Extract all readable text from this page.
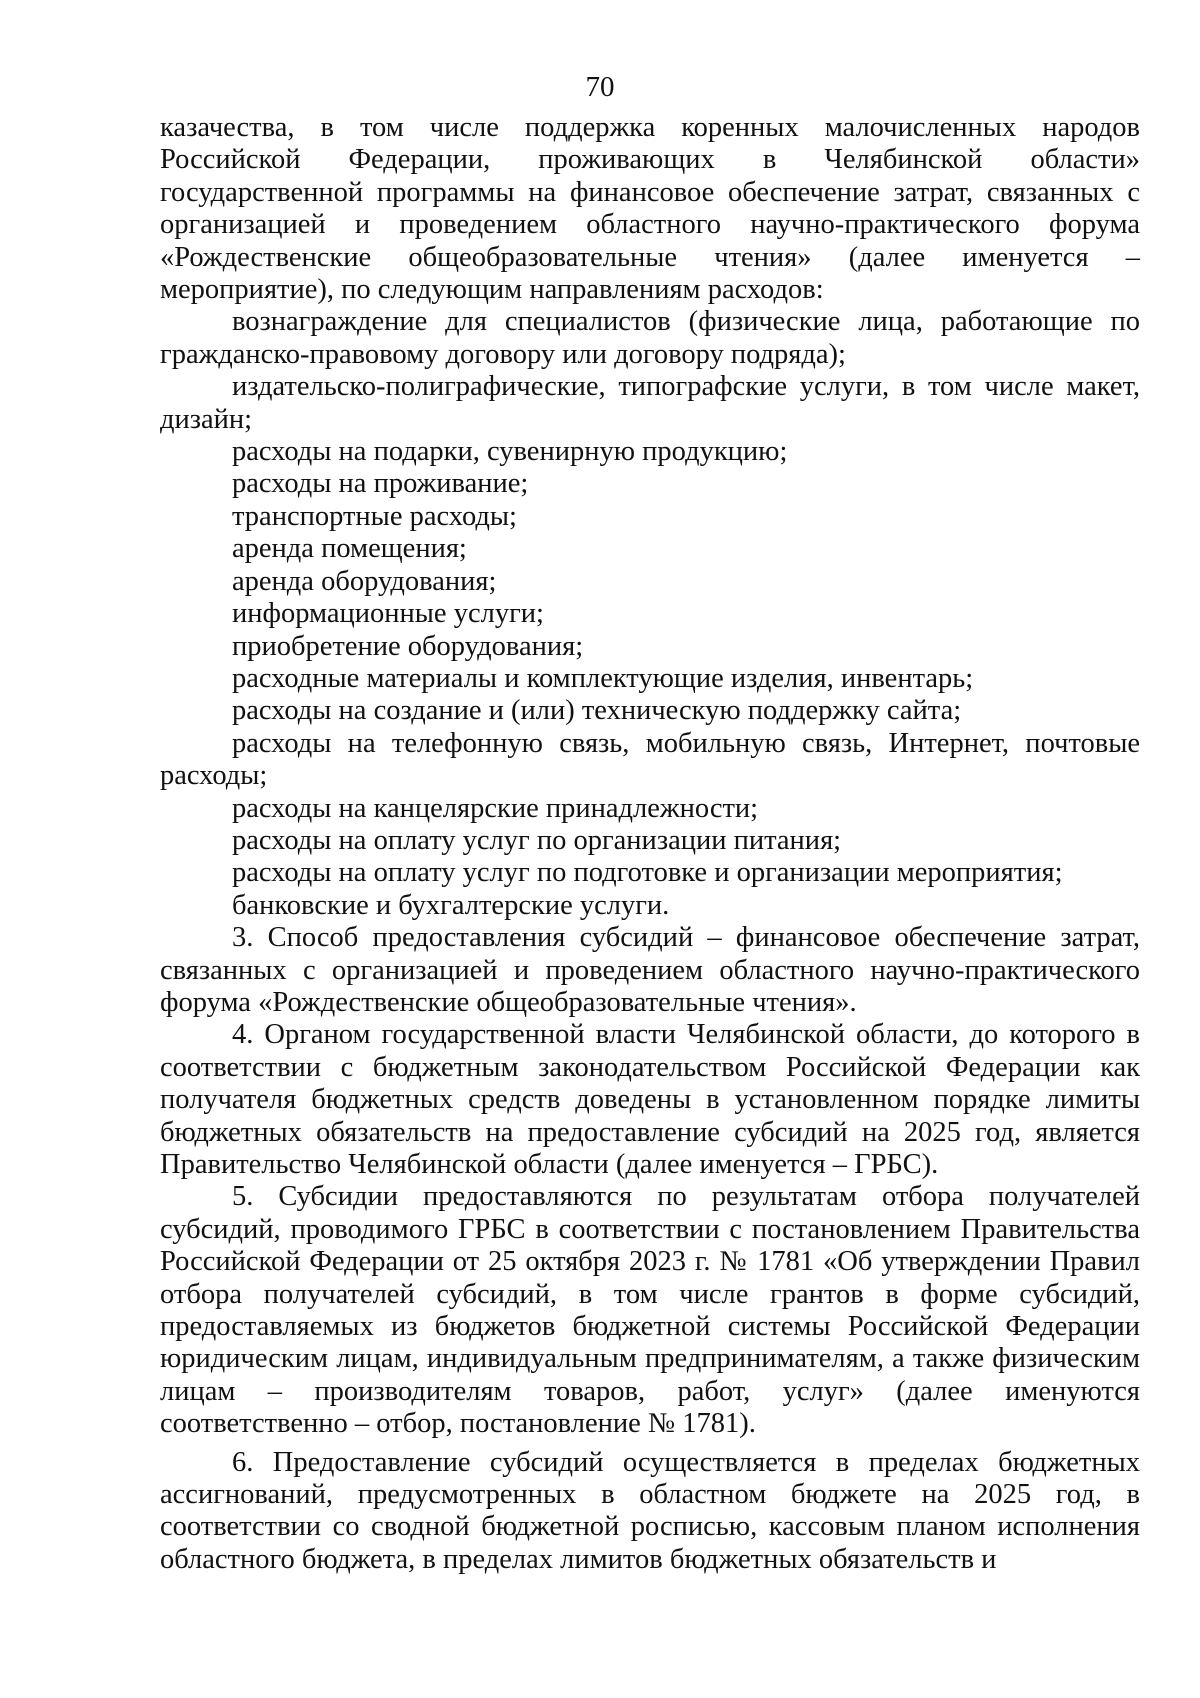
70

казачества, в том числе поддержка коренных малочисленных народов Российской Федерации, проживающих в Челябинской области» государственной программы на финансовое обеспечение затрат, связанных с организацией и проведением областного научно-практического форума «Рождественские общеобразовательные чтения» (далее именуется – мероприятие), по следующим направлениям расходов:

вознаграждение для специалистов (физические лица, работающие по гражданско-правовому договору или договору подряда);

издательско-полиграфические, типографские услуги, в том числе макет, дизайн;

расходы на подарки, сувенирную продукцию;

расходы на проживание;

транспортные расходы;

аренда помещения;

аренда оборудования;

информационные услуги;

приобретение оборудования;

расходные материалы и комплектующие изделия, инвентарь;

расходы на создание и (или) техническую поддержку сайта;

расходы на телефонную связь, мобильную связь, Интернет, почтовые расходы;

расходы на канцелярские принадлежности;

расходы на оплату услуг по организации питания;

расходы на оплату услуг по подготовке и организации мероприятия;

банковские и бухгалтерские услуги.

3. Способ предоставления субсидий – финансовое обеспечение затрат, связанных с организацией и проведением областного научно-практического форума «Рождественские общеобразовательные чтения».

4. Органом государственной власти Челябинской области, до которого в соответствии с бюджетным законодательством Российской Федерации как получателя бюджетных средств доведены в установленном порядке лимиты бюджетных обязательств на предоставление субсидий на 2025 год, является Правительство Челябинской области (далее именуется – ГРБС).

5. Субсидии предоставляются по результатам отбора получателей субсидий, проводимого ГРБС в соответствии с постановлением Правительства Российской Федерации от 25 октября 2023 г. № 1781 «Об утверждении Правил отбора получателей субсидий, в том числе грантов в форме субсидий, предоставляемых из бюджетов бюджетной системы Российской Федерации юридическим лицам, индивидуальным предпринимателям, а также физическим лицам – производителям товаров, работ, услуг» (далее именуются соответственно – отбор, постановление № 1781).

6. Предоставление субсидий осуществляется в пределах бюджетных ассигнований, предусмотренных в областном бюджете на 2025 год, в соответствии со сводной бюджетной росписью, кассовым планом исполнения областного бюджета, в пределах лимитов бюджетных обязательств и
